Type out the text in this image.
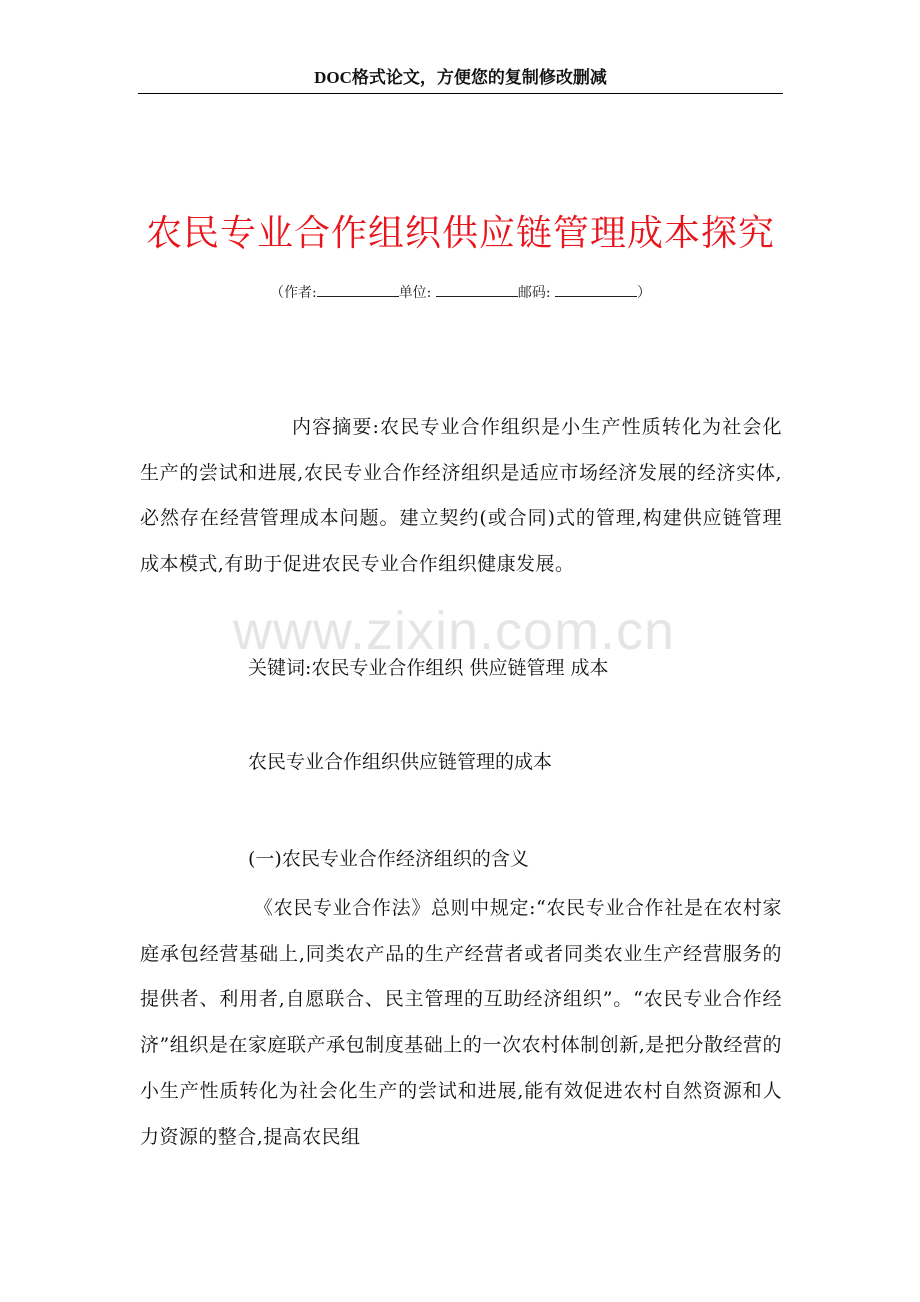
DOC格式论文，方便您的复制修改删减
农民专业合作组织供应链管理成本探究
（作者:	单位:	邮码:	）
内容摘要:农民专业合作组织是小生产性质转化为社会化生产的尝试和进展,农民专业合作经济组织是适应市场经济发展的经济实体,必然存在经营管理成本问题。建立契约(或合同)式的管理,构建供应链管理成本模式,有助于促进农民专业合作组织健康发展。
www.zixin.com.cn
关键词:农民专业合作组织 供应链管理 成本
农民专业合作组织供应链管理的成本
(一)农民专业合作经济组织的含义
《农民专业合作法》总则中规定:“农民专业合作社是在农村家庭承包经营基础上,同类农产品的生产经营者或者同类农业生产经营服务的提供者、利用者,自愿联合、民主管理的互助经济组织”。“农民专业合作经济”组织是在家庭联产承包制度基础上的一次农村体制创新,是把分散经营的小生产性质转化为社会化生产的尝试和进展,能有效促进农村自然资源和人力资源的整合,提高农民组
